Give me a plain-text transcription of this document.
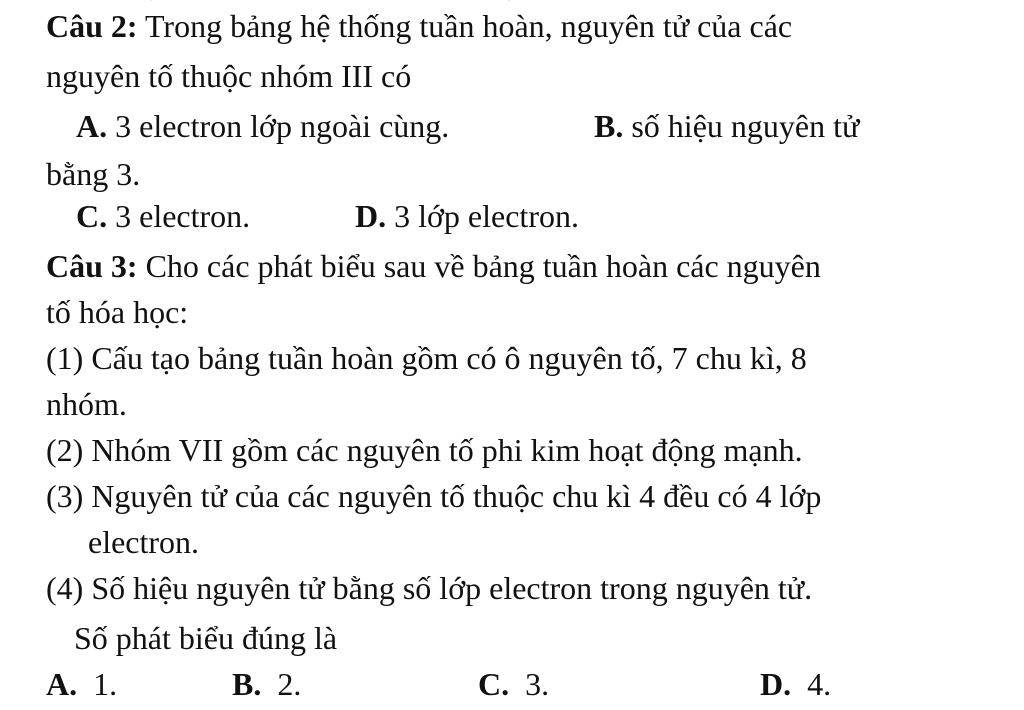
Câu 2: Trong bảng hệ thống tuần hoàn, nguyên tử của các
nguyên tố thuộc nhóm III có
A. 3 electron lớp ngoài cùng.	B. số hiệu nguyên tử
bằng 3.
C. 3 electron.	D. 3 lớp electron.
Câu 3: Cho các phát biểu sau về bảng tuần hoàn các nguyên
tố hóa học:
(1) Cấu tạo bảng tuần hoàn gồm có ô nguyên tố, 7 chu kì, 8
nhóm.
(2) Nhóm VII gồm các nguyên tố phi kim hoạt động mạnh.
(3) Nguyên tử của các nguyên tố thuộc chu kì 4 đều có 4 lớp
electron.
(4) Số hiệu nguyên tử bằng số lớp electron trong nguyên tử.
Số phát biểu đúng là
A.  1.	B.  2.	C.  3.	D.  4.
